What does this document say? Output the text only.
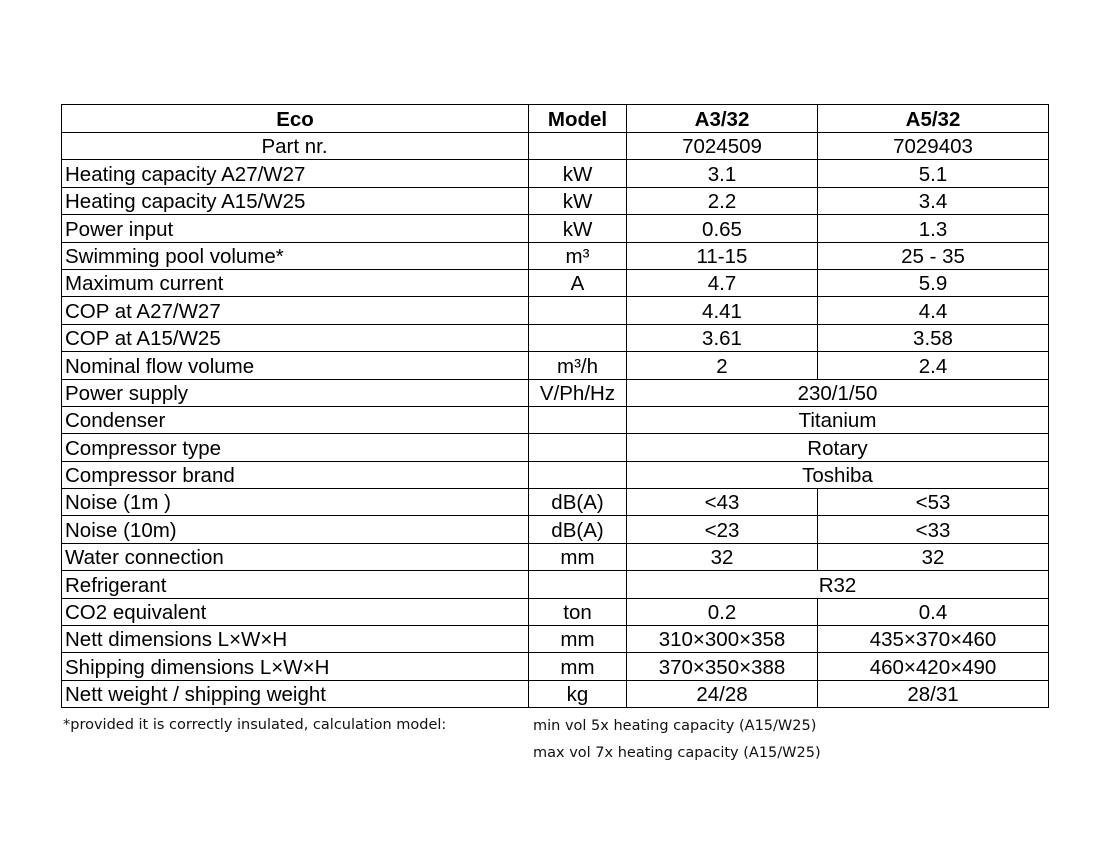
Eco	Model	A3/32	A5/32
Part nr.		7024509	7029403
Heating capacity A27/W27	kW	3.1	5.1
Heating capacity A15/W25	kW	2.2	3.4
Power input	kW	0.65	1.3
Swimming pool volume*	m³	11-15	25 - 35
Maximum current	A	4.7	5.9
COP at A27/W27		4.41	4.4
COP at A15/W25		3.61	3.58
Nominal flow volume	m³/h	2	2.4
Power supply	V/Ph/Hz	230/1/50	
Condenser		Titanium	
Compressor type		Rotary	
Compressor brand		Toshiba	
Noise (1m )	dB(A)	<43	<53
Noise (10m)	dB(A)	<23	<33
Water connection	mm	32	32
Refrigerant		R32	
CO2 equivalent	ton	0.2	0.4
Nett dimensions L×W×H	mm	310×300×358	435×370×460
Shipping dimensions L×W×H	mm	370×350×388	460×420×490
Nett weight / shipping weight	kg	24/28	28/31
*provided it is correctly insulated, calculation model:	min vol 5x heating capacity (A15/W25)
max vol 7x heating capacity (A15/W25)
